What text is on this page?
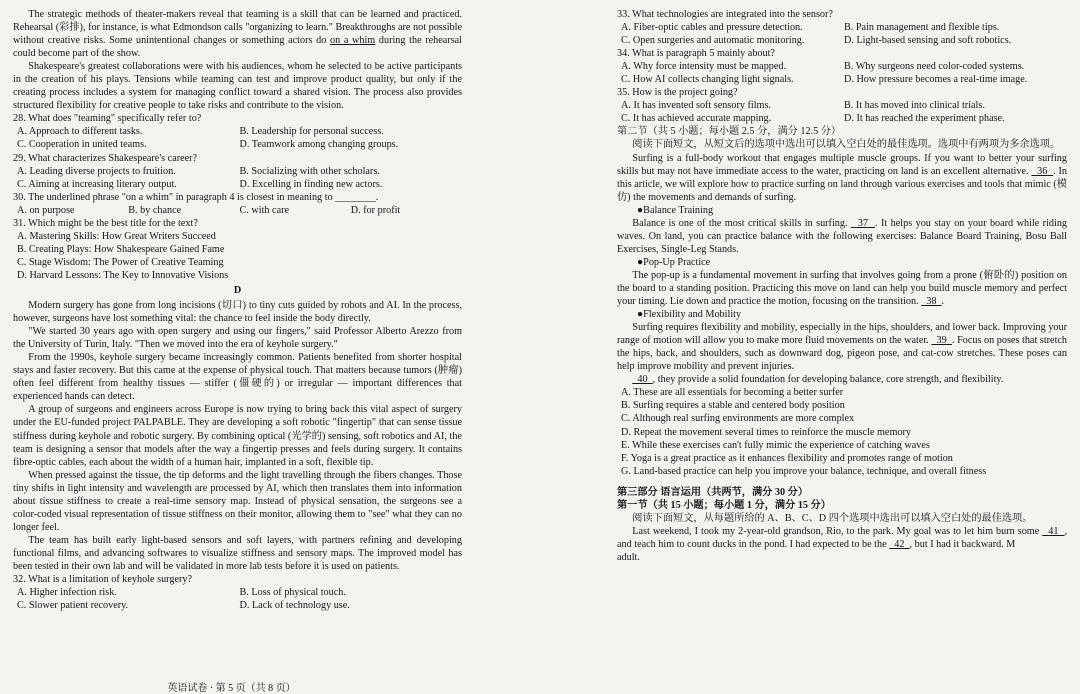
The strategic methods of theater-makers reveal that teaming is a skill that can be learned and practiced. Rehearsal (彩排), for instance, is what Edmondson calls "organizing to learn." Breakthroughs are not possible without creative risks. Some unintentional changes or something actors do on a whim during the rehearsal could become part of the show.

Shakespeare's greatest collaborations were with his audiences, whom he selected to be active participants in the creation of his plays. Tensions while teaming can test and improve product quality, but only if the creating process includes a system for managing conflict toward a shared vision. The process also provides structured flexibility for creative people to take risks and contribute to the vision.

28. What does "teaming" specifically refer to?

A. Approach to different tasks.	B. Leadership for personal success.
C. Cooperation in united teams.	D. Teamwork among changing groups.

29. What characterizes Shakespeare's career?

A. Leading diverse projects to fruition.	B. Socializing with other scholars.
C. Aiming at increasing literary output.	D. Excelling in finding new actors.

30. The underlined phrase "on a whim" in paragraph 4 is closest in meaning to ________.

A. on purpose	B. by chance	C. with care	D. for profit

31. Which might be the best title for the text?

A. Mastering Skills: How Great Writers Succeed
B. Creating Plays: How Shakespeare Gained Fame
C. Stage Wisdom: The Power of Creative Teaming
D. Harvard Lessons: The Key to Innovative Visions
D

Modern surgery has gone from long incisions (切口) to tiny cuts guided by robots and AI. In the process, however, surgeons have lost something vital: the chance to feel inside the body directly.

"We started 30 years ago with open surgery and using our fingers," said Professor Alberto Arezzo from the University of Turin, Italy. "Then we moved into the era of keyhole surgery."

From the 1990s, keyhole surgery became increasingly common. Patients benefited from shorter hospital stays and faster recovery. But this came at the expense of physical touch. That matters because tumors (肿瘤) often feel different from healthy tissues — stiffer (僵硬的) or irregular — important differences that experienced hands can detect.

A group of surgeons and engineers across Europe is now trying to bring back this vital aspect of surgery under the EU-funded project PALPABLE. They are developing a soft robotic "fingertip" that can sense tissue stiffness during keyhole and robotic surgery. By combining optical (光学的) sensing, soft robotics and AI, the team is designing a sensor that models after the way a fingertip presses and feels during surgery. It contains fibre-optic cables, each about the width of a human hair, implanted in a soft, flexible tip.

When pressed against the tissue, the tip deforms and the light travelling through the fibers changes. Those tiny shifts in light intensity and wavelength are processed by AI, which then translates them into information about tissue stiffness to create a real-time sensory map. Instead of physical sensation, the surgeons see a color-coded visual representation of tissue stiffness on their monitor, allowing them to "see" what they can no longer feel.

The team has built early light-based sensors and soft layers, with partners refining and developing functional films, and advancing softwares to visualize stiffness and sensory maps. The improved model has been tested in their own lab and will be validated in more lab tests before it is used on patients.

32. What is a limitation of keyhole surgery?

A. Higher infection risk.	B. Loss of physical touch.
C. Slower patient recovery.	D. Lack of technology use.
英语试卷 · 第 5 页（共 8 页）

33. What technologies are integrated into the sensor?

A. Fiber-optic cables and pressure detection.	B. Pain management and flexible tips.
C. Open surgeries and automatic monitoring.	D. Light-based sensing and soft robotics.

34. What is paragraph 5 mainly about?

A. Why force intensity must be mapped.	B. Why surgeons need color-coded systems.
C. How AI collects changing light signals.	D. How pressure becomes a real-time image.

35. How is the project going?

A. It has invented soft sensory films.	B. It has moved into clinical trials.
C. It has achieved accurate mapping.	D. It has reached the experiment phase.

第二节（共 5 小题；每小题 2.5 分，满分 12.5 分）

阅读下面短文，从短文后的选项中选出可以填入空白处的最佳选项。选项中有两项为多余选项。

Surfing is a full-body workout that engages multiple muscle groups. If you want to better your surfing skills but may not have immediate access to the water, practicing on land is an excellent alternative. 36 . In this article, we will explore how to practice surfing on land through various exercises and tools that mimic (模仿) the movements and demands of surfing.

●Balance Training

Balance is one of the most critical skills in surfing. 37 . It helps you stay on your board while riding waves. On land, you can practice balance with the following exercises: Balance Board Training, Bosu Ball Exercises, Single-Leg Stands.

●Pop-Up Practice

The pop-up is a fundamental movement in surfing that involves going from a prone (俯卧的) position on the board to a standing position. Practicing this move on land can help you build muscle memory and perfect your timing. Lie down and practice the motion, focusing on the transition. 38 .

●Flexibility and Mobility

Surfing requires flexibility and mobility, especially in the hips, shoulders, and lower back. Improving your range of motion will allow you to make more fluid movements on the water. 39 . Focus on poses that stretch the hips, back, and shoulders, such as downward dog, pigeon pose, and cat-cow stretches. These poses can help improve mobility and prevent injuries.

40 , they provide a solid foundation for developing balance, core strength, and flexibility.

A. These are all essentials for becoming a better surfer
B. Surfing requires a stable and centered body position
C. Although real surfing environments are more complex
D. Repeat the movement several times to reinforce the muscle memory
E. While these exercises can't fully mimic the experience of catching waves
F. Yoga is a great practice as it enhances flexibility and promotes range of motion
G. Land-based practice can help you improve your balance, technique, and overall fitness

第三部分 语言运用（共两节，满分 30 分）

第一节（共 15 小题；每小题 1 分，满分 15 分）

阅读下面短文，从每题所给的 A、B、C、D 四个选项中选出可以填入空白处的最佳选项。

Last weekend, I took my 2-year-old grandson, Rio, to the park. My goal was to let him burn some 41 , and teach him to count ducks in the pond. I had expected to be the 42 , but I had it backward. M

adult.
